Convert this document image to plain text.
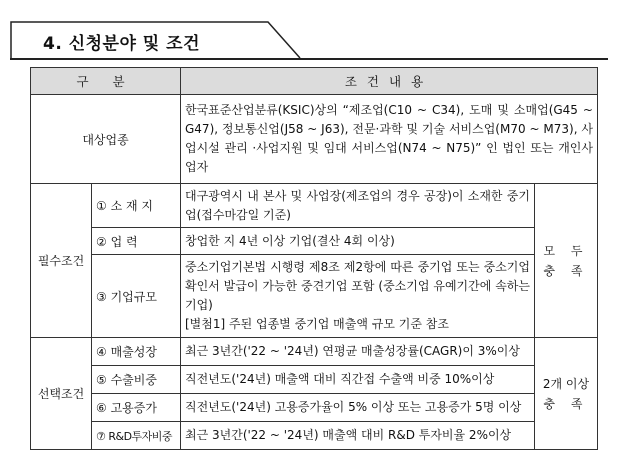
4. 신청분야 및 조건
구 분		조건내용	
대상업종		한국표준산업분류(KSIC)상의 “제조업(C10 ~ C34), 도매 및 소매업(G45 ~ G47), 정보통신업(J58 ~ J63), 전문·과학 및 기술 서비스업(M70 ~ M73), 사업시설 관리 ·사업지원 및 임대 서비스업(N74 ~ N75)” 인 법인 또는 개인사업자	
필수조건	① 소 재 지	대구광역시 내 본사 및 사업장(제조업의 경우 공장)이 소재한 중기업(접수마감일 기준)	모 두
충 족

	② 업 력	창업한 지 4년 이상 기업(결산 4회 이상)	
	③ 기업규모	중소기업기본법 시행령 제8조 제2항에 따른 중기업 또는 중소기업확인서 발급이 가능한 중견기업 포함 (중소기업 유예기간에 속하는 기업)
[별첨1] 주된 업종별 중기업 매출액 규모 기준 참조	

선택조건	④ 매출성장	최근 3년간('22 ~ '24년) 연평균 매출성장률(CAGR)이 3%이상	2개 이상
충 족

	⑤ 수출비중	직전년도('24년) 매출액 대비 직간접 수출액 비중 10%이상	
	⑥ 고용증가	직전년도('24년) 고용증가율이 5% 이상 또는 고용증가 5명 이상	
	⑦ R&D투자비중	최근 3년간('22 ~ '24년) 매출액 대비 R&D 투자비율 2%이상	
